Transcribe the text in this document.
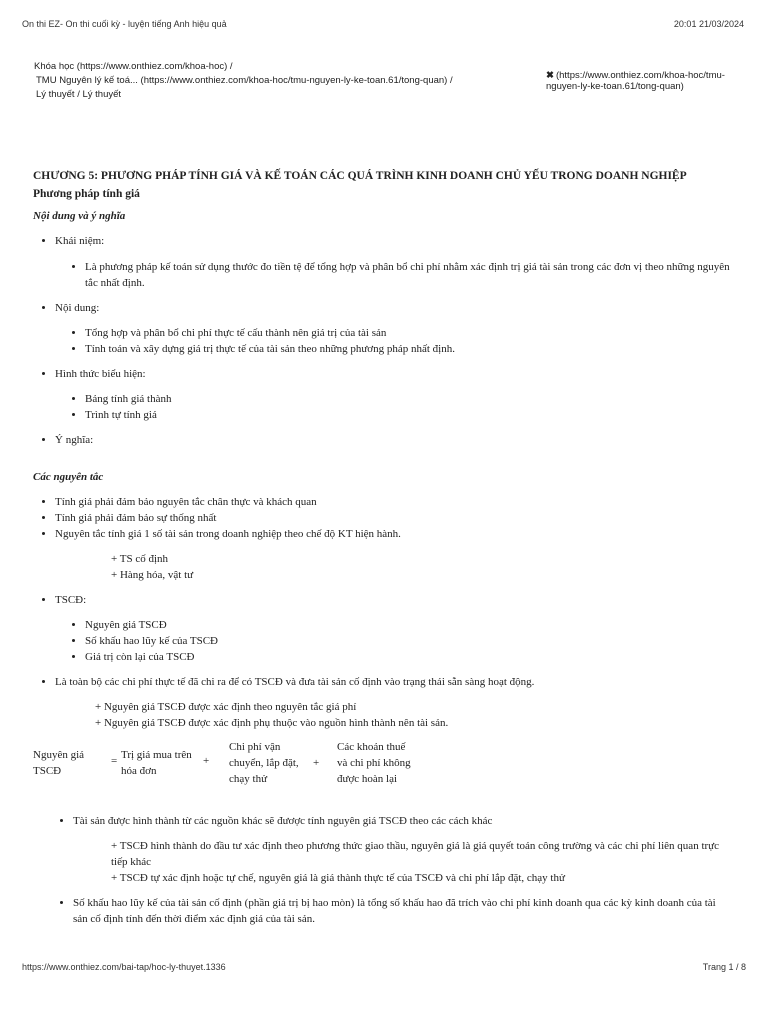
On thi EZ- On thi cuối kỳ - luyện tiếng Anh hiệu quả	20:01 21/03/2024
Khóa học (https://www.onthiez.com/khoa-hoc) /
TMU Nguyên lý kế toá... (https://www.onthiez.com/khoa-hoc/tmu-nguyen-ly-ke-toan.61/tong-quan) /
Lý thuyết / Lý thuyết
✖ (https://www.onthiez.com/khoa-hoc/tmu-nguyen-ly-ke-toan.61/tong-quan)
CHƯƠNG 5: PHƯƠNG PHÁP TÍNH GIÁ VÀ KẾ TOÁN CÁC QUÁ TRÌNH KINH DOANH CHỦ YẾU TRONG DOANH NGHIỆP
Phương pháp tính giá
Nội dung và ý nghĩa
• Khái niệm:
• Là phương pháp kế toán sử dụng thước đo tiền tệ để tổng hợp và phân bổ chi phí nhằm xác định trị giá tài sản trong các đơn vị theo những nguyên tắc nhất định.
• Nội dung:
• Tổng hợp và phân bổ chi phí thực tế cấu thành nên giá trị của tài sản
• Tính toán và xây dựng giá trị thực tế của tài sản theo những phương pháp nhất định.
• Hình thức biểu hiện:
• Bảng tính giá thành
• Trình tự tính giá
• Ý nghĩa:
Các nguyên tắc
• Tính giá phải đảm bảo nguyên tắc chân thực và khách quan
• Tính giá phải đảm bảo sự thống nhất
• Nguyên tắc tính giá 1 số tài sản trong doanh nghiệp theo chế độ KT hiện hành.
+ TS cố định
+ Hàng hóa, vật tư
• TSCĐ:
• Nguyên giá TSCĐ
• Số khấu hao lũy kế của TSCĐ
• Giá trị còn lại của TSCĐ
• Là toàn bộ các chi phí thực tế đã chi ra để có TSCĐ và đưa tài sản cố định vào trạng thái sẵn sàng hoạt động.
+ Nguyên giá TSCĐ được xác định theo nguyên tắc giá phí
+ Nguyên giá TSCĐ được xác định phụ thuộc vào nguồn hình thành nên tài sản.
Nguyên giá
TSCĐ
	=	Trị giá mua trên
hóa đơn
	+	
Chi phí vận
chuyển, lắp đặt,
chạy thử
	+	
Các khoản thuế
và chi phí không
được hoàn lại
• Tài sản được hình thành từ các nguồn khác sẽ đươợc tính nguyên giá TSCĐ theo các cách khác
+ TSCĐ hình thành do đầu tư xác định theo phương thức giao thầu, nguyên giá là giá quyết toán công trường và các chi phí liên quan trực
tiếp khác
+ TSCĐ tự xác định hoặc tự chế, nguyên giá là giá thành thực tế của TSCĐ và chi phí lắp đặt, chạy thử
• Số khấu hao lũy kế của tài sản cố định (phần giá trị bị hao mòn) là tổng số khấu hao đã trích vào chi phí kinh doanh qua các kỳ kinh doanh của tài
sản cố định tính đến thời điểm xác định giá của tài sản.
https://www.onthiez.com/bai-tap/hoc-ly-thuyet.1336	Trang 1 / 8
